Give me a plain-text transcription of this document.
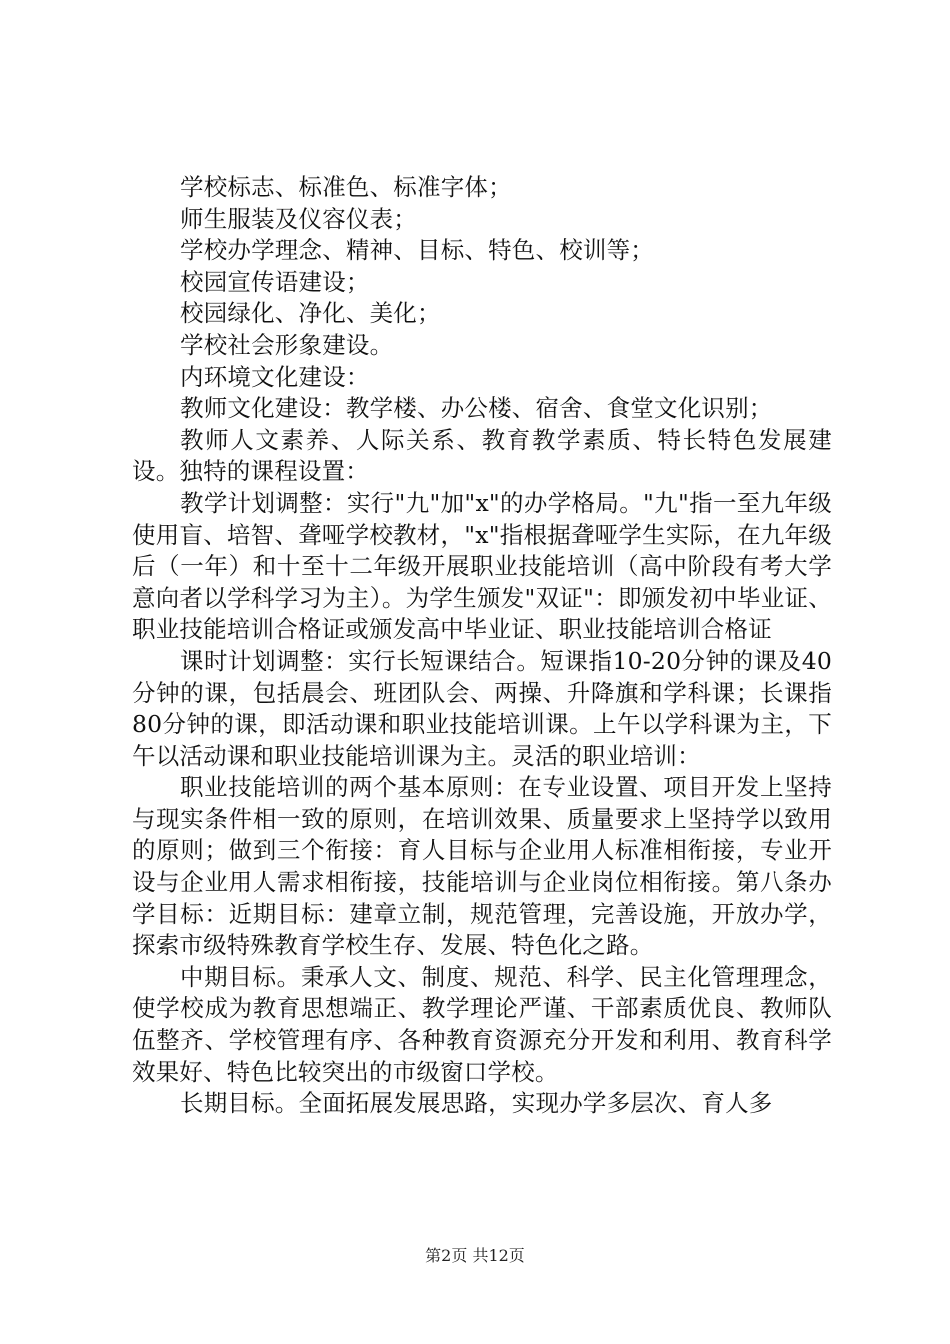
学校标志、标准色、标准字体；

师生服装及仪容仪表；

学校办学理念、精神、目标、特色、校训等；

校园宣传语建设；

校园绿化、净化、美化；

学校社会形象建设。

内环境文化建设：

教师文化建设：教学楼、办公楼、宿舍、食堂文化识别；

教师人文素养、人际关系、教育教学素质、特长特色发展建设。独特的课程设置：

教学计划调整：实行"九"加"x"的办学格局。"九"指一至九年级使用盲、培智、聋哑学校教材，"x"指根据聋哑学生实际，在九年级后（一年）和十至十二年级开展职业技能培训（高中阶段有考大学意向者以学科学习为主）。为学生颁发"双证"：即颁发初中毕业证、职业技能培训合格证或颁发高中毕业证、职业技能培训合格证

课时计划调整：实行长短课结合。短课指10-20分钟的课及40分钟的课，包括晨会、班团队会、两操、升降旗和学科课；长课指80分钟的课，即活动课和职业技能培训课。上午以学科课为主，下午以活动课和职业技能培训课为主。灵活的职业培训：

职业技能培训的两个基本原则：在专业设置、项目开发上坚持与现实条件相一致的原则，在培训效果、质量要求上坚持学以致用的原则；做到三个衔接：育人目标与企业用人标准相衔接，专业开设与企业用人需求相衔接，技能培训与企业岗位相衔接。第八条办学目标：近期目标：建章立制，规范管理，完善设施，开放办学，探索市级特殊教育学校生存、发展、特色化之路。

中期目标。秉承人文、制度、规范、科学、民主化管理理念，使学校成为教育思想端正、教学理论严谨、干部素质优良、教师队伍整齐、学校管理有序、各种教育资源充分开发和利用、教育科学效果好、特色比较突出的市级窗口学校。

长期目标。全面拓展发展思路，实现办学多层次、育人多

第2页 共12页
